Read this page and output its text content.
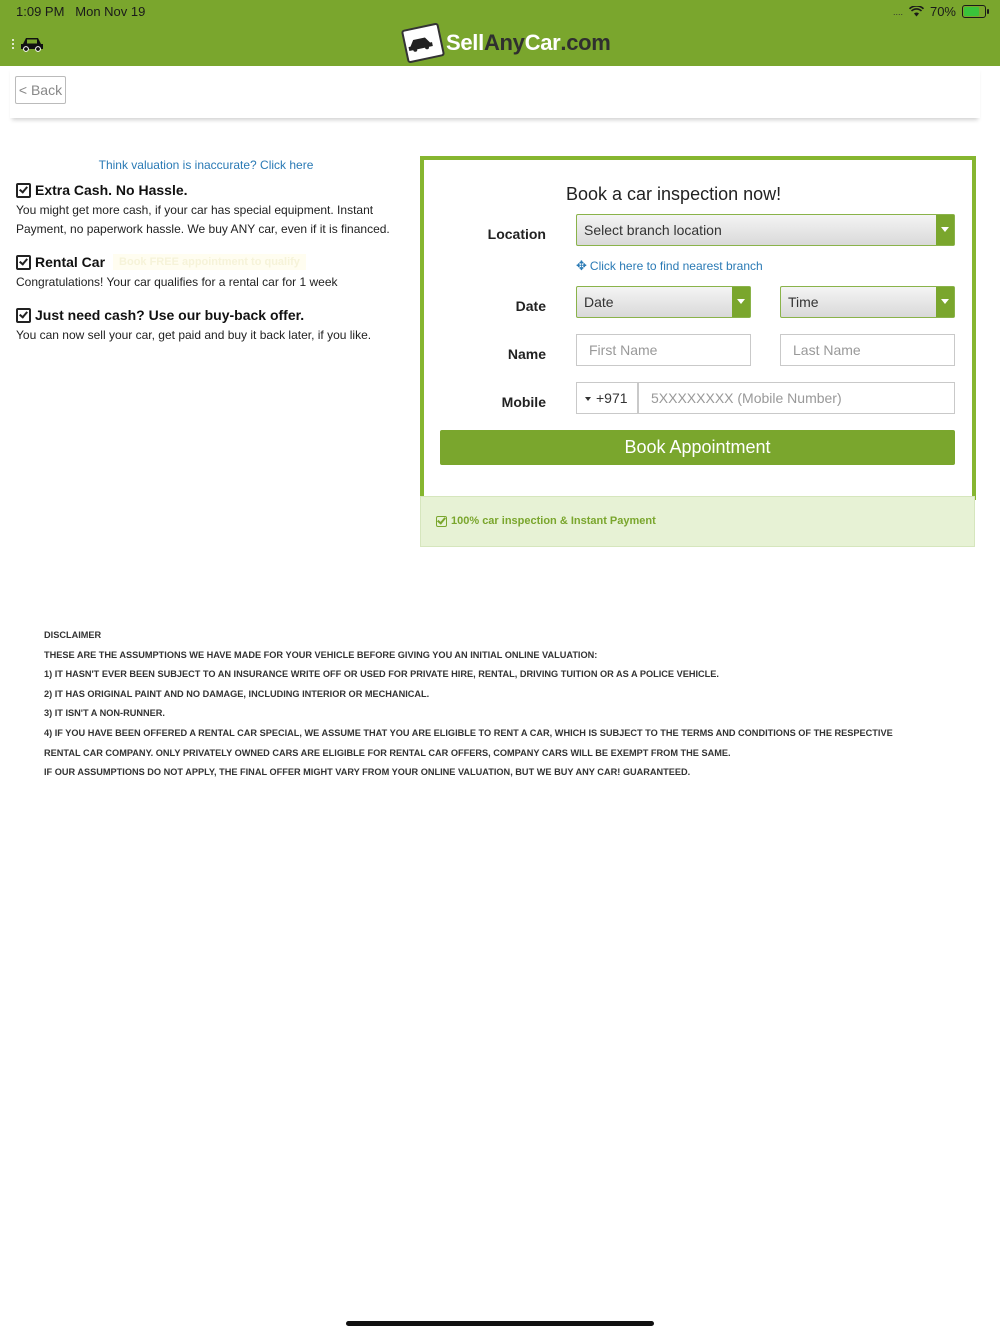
1:09 PM Mon Nov 19	.... 70%
SellAnyCar.com
< Back
Think valuation is inaccurate? Click here
Extra Cash. No Hassle.
You might get more cash, if your car has special equipment. Instant Payment, no paperwork hassle. We buy ANY car, even if it is financed.
Rental Car	Book FREE appointment to qualify
Congratulations! Your car qualifies for a rental car for 1 week
Just need cash? Use our buy-back offer.
You can now sell your car, get paid and buy it back later, if you like.
Book a car inspection now!
Location	Select branch location
✥ Click here to find nearest branch
Date	Date	Time
Name	First Name	Last Name
Mobile	+971	5XXXXXXXX (Mobile Number)
Book Appointment
100% car inspection & Instant Payment
DISCLAIMER
THESE ARE THE ASSUMPTIONS WE HAVE MADE FOR YOUR VEHICLE BEFORE GIVING YOU AN INITIAL ONLINE VALUATION:
1) IT HASN'T EVER BEEN SUBJECT TO AN INSURANCE WRITE OFF OR USED FOR PRIVATE HIRE, RENTAL, DRIVING TUITION OR AS A POLICE VEHICLE.
2) IT HAS ORIGINAL PAINT AND NO DAMAGE, INCLUDING INTERIOR OR MECHANICAL.
3) IT ISN'T A NON-RUNNER.
4) IF YOU HAVE BEEN OFFERED A RENTAL CAR SPECIAL, WE ASSUME THAT YOU ARE ELIGIBLE TO RENT A CAR, WHICH IS SUBJECT TO THE TERMS AND CONDITIONS OF THE RESPECTIVE
RENTAL CAR COMPANY. ONLY PRIVATELY OWNED CARS ARE ELIGIBLE FOR RENTAL CAR OFFERS, COMPANY CARS WILL BE EXEMPT FROM THE SAME.
IF OUR ASSUMPTIONS DO NOT APPLY, THE FINAL OFFER MIGHT VARY FROM YOUR ONLINE VALUATION, BUT WE BUY ANY CAR! GUARANTEED.
